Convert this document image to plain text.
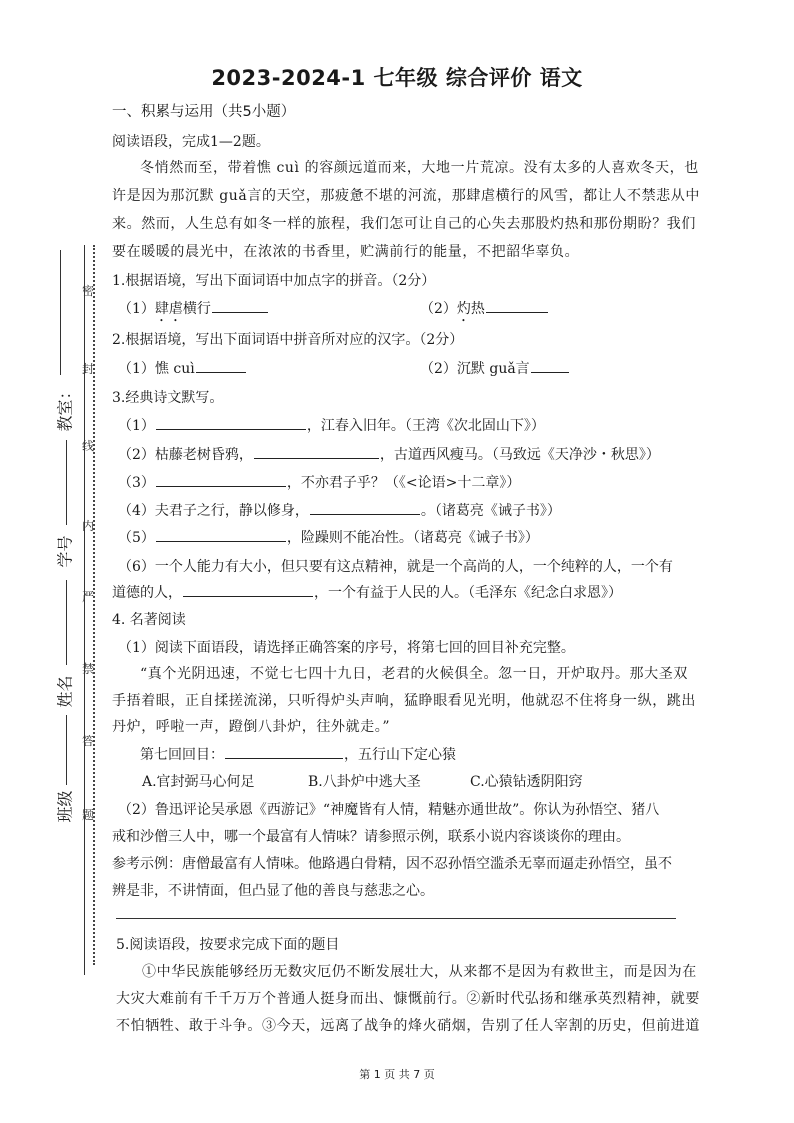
2023-2024-1 七年级 综合评价 语文
教室：
学号
姓名
班级
密
封
线
内
严
禁
答
题
一、积累与运用（共5小题）
阅读语段，完成1—2题。
冬悄然而至，带着憔 cuì 的容颜远道而来，大地一片荒凉。没有太多的人喜欢冬天，也
许是因为那沉默 guǎ言的天空，那疲惫不堪的河流，那肆虐横行的风雪，都让人不禁悲从中
来。然而，人生总有如冬一样的旅程，我们怎可让自己的心失去那股灼热和那份期盼？我们
要在暖暖的晨光中，在浓浓的书香里，贮满前行的能量，不把韶华辜负。
1.根据语境，写出下面词语中加点字的拼音。（2分）
（1）肆虐横行	（2）灼热
2.根据语境，写出下面词语中拼音所对应的汉字。（2分）
（1）憔 cuì	（2）沉默 guǎ言
3.经典诗文默写。
（1）	，江春入旧年。（王湾《次北固山下》）
（2）枯藤老树昏鸦，	，古道西风瘦马。（马致远《天净沙・秋思》）
（3）	，不亦君子乎？（《<论语>十二章》）
（4）夫君子之行，静以修身，	。（诸葛亮《诫子书》）
（5）	，险躁则不能冶性。（诸葛亮《诫子书》）
（6）一个人能力有大小，但只要有这点精神，就是一个高尚的人，一个纯粹的人，一个有
道德的人，	，一个有益于人民的人。（毛泽东《纪念白求恩》）
4. 名著阅读
（1）阅读下面语段，请选择正确答案的序号，将第七回的回目补充完整。
“真个光阴迅速，不觉七七四十九日，老君的火候俱全。忽一日，开炉取丹。那大圣双
手捂着眼，正自揉搓流涕，只听得炉头声响，猛睁眼看见光明，他就忍不住将身一纵，跳出
丹炉，呼啦一声，蹬倒八卦炉，往外就走。”
第七回回目：	，五行山下定心猿
A.官封弼马心何足	B.八卦炉中逃大圣	C.心猿钻透阴阳窍
（2）鲁迅评论吴承恩《西游记》“神魔皆有人情，精魅亦通世故”。你认为孙悟空、猪八
戒和沙僧三人中，哪一个最富有人情味？请参照示例，联系小说内容谈谈你的理由。
参考示例：唐僧最富有人情味。他路遇白骨精，因不忍孙悟空滥杀无辜而逼走孙悟空，虽不
辨是非，不讲情面，但凸显了他的善良与慈悲之心。
5.阅读语段，按要求完成下面的题目
①中华民族能够经历无数灾厄仍不断发展壮大，从来都不是因为有救世主，而是因为在
大灾大难前有千千万万个普通人挺身而出、慷慨前行。②新时代弘扬和继承英烈精神，就要
不怕牺牲、敢于斗争。③今天，远离了战争的烽火硝烟，告别了任人宰割的历史，但前进道
第 1 页 共 7 页
